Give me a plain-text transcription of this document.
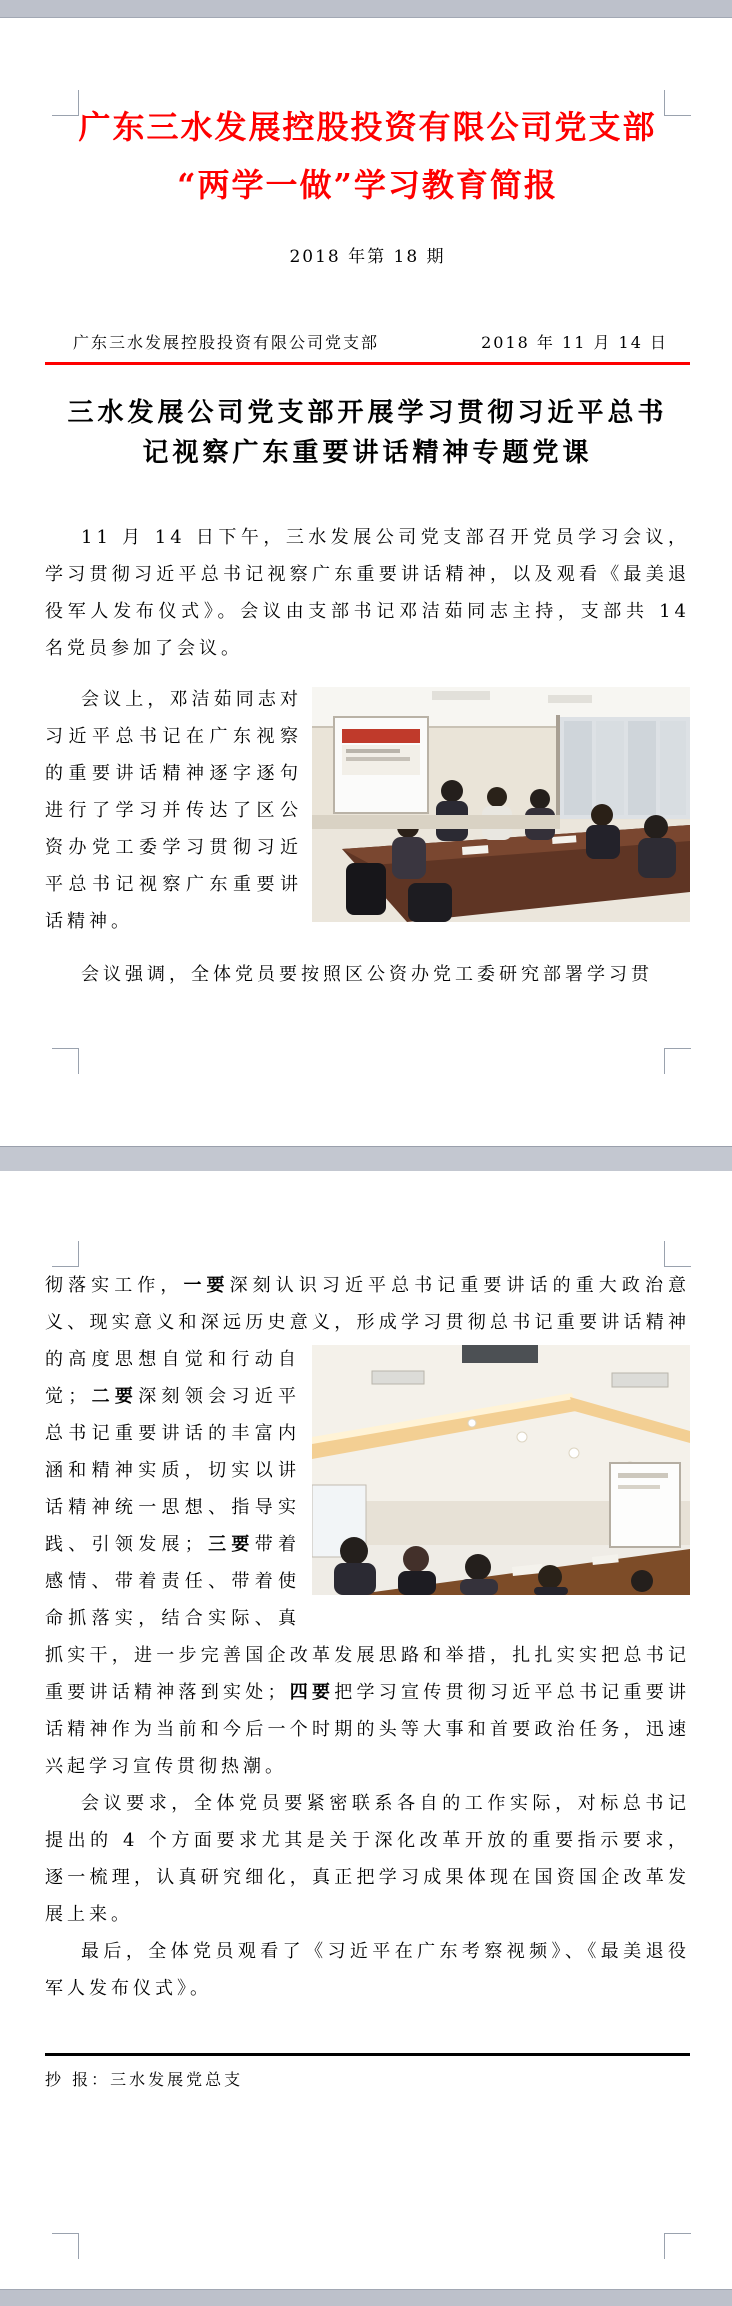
广东三水发展控股投资有限公司党支部
“两学一做”学习教育简报
2018 年第 18 期
广东三水发展控股投资有限公司党支部	2018 年 11 月 14 日
三水发展公司党支部开展学习贯彻习近平总书
记视察广东重要讲话精神专题党课

11 月 14 日下午，三水发展公司党支部召开党员学习会议，学习贯彻习近平总书记视察广东重要讲话精神，以及观看《最美退役军人发布仪式》。会议由支部书记邓洁茹同志主持，支部共 14 名党员参加了会议。

会议上，邓洁茹同志对习近平总书记在广东视察的重要讲话精神逐字逐句进行了学习并传达了区公资办党工委学习贯彻习近平总书记视察广东重要讲话精神。

会议强调，全体党员要按照区公资办党工委研究部署学习贯

彻落实工作，一要深刻认识习近平总书记重要讲话的重大政治意义、现实意义和深远历史意义，形成学习贯彻总书记重要讲话精
神的高度思想自觉和行动自觉；二要深刻领会习近平总书记重要讲话的丰富内涵和精神实质，切实以讲话精神统一思想、指导实践、引领发展；三要带着感情、带着责任、带着使命抓落实，结合实际、真抓实干，进一步完善国企改革发展思路和举措，扎扎实实把总书记重要讲话精神落到实处；四要把学习宣传贯彻习近平总书记重要讲话精神作为当前和今后一个时期的头等大事和首要政治任务，迅速兴起学习宣传贯彻热潮。

会议要求，全体党员要紧密联系各自的工作实际，对标总书记提出的 4 个方面要求尤其是关于深化改革开放的重要指示要求，逐一梳理，认真研究细化，真正把学习成果体现在国资国企改革发展上来。

最后，全体党员观看了《习近平在广东考察视频》、《最美退役军人发布仪式》。

抄 报：三水发展党总支
